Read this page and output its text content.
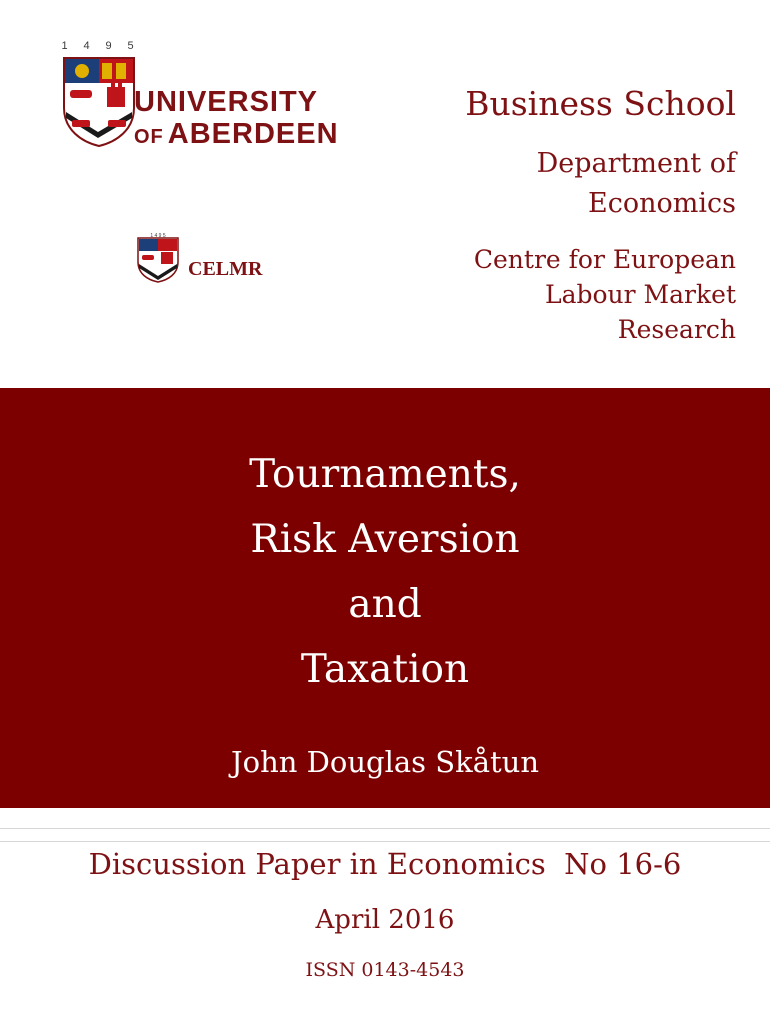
1	4	9	5
UNIVERSITY
OF ABERDEEN
1 4 9 5
CELMR
Business School
Department of
Economics
Centre for European
Labour Market
Research
Tournaments,
Risk Aversion
and
Taxation
John Douglas Skåtun
Discussion Paper in Economics  No 16-6
April 2016
ISSN 0143-4543
